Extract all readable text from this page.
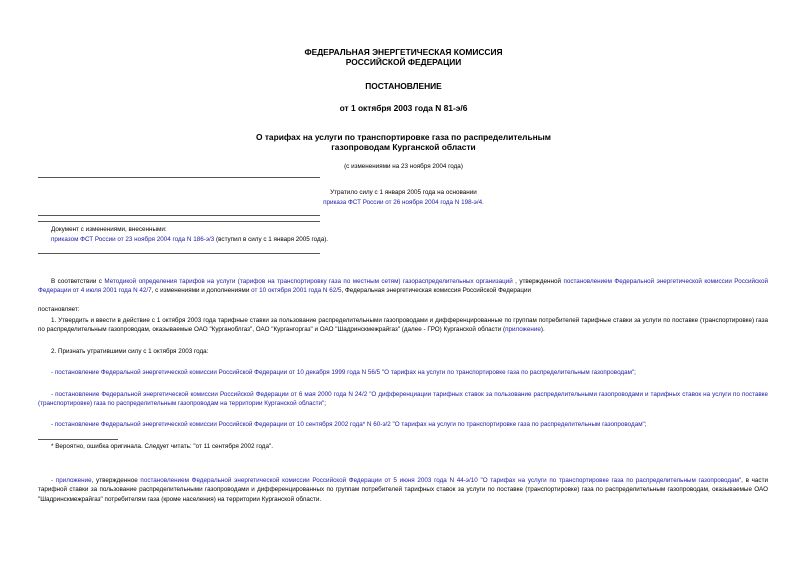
ФЕДЕРАЛЬНАЯ ЭНЕРГЕТИЧЕСКАЯ КОМИССИЯ
РОССИЙСКОЙ ФЕДЕРАЦИИ
ПОСТАНОВЛЕНИЕ
от 1 октября 2003 года N 81-э/6
О тарифах на услуги по транспортировке газа по распределительным
газопроводам Курганской области
(с изменениями на 23 ноября 2004 года)
Утратило силу с 1 января 2005 года на основании
приказа ФСТ России от 26 ноября 2004 года N 198-э/4.
Документ с изменениями, внесенными:
приказом ФСТ России от 23 ноября 2004 года N 186-э/3 (вступил в силу с 1 января 2005 года).
В соответствии с Методикой определения тарифов на услуги (тарифов на транспортировку газа по местным сетям) газораспределительных организаций , утвержденной постановлением Федеральной энергетической комиссии Российской Федерации от 4 июля 2001 года N 42/7, с изменениями и дополнениями от 10 октября 2001 года N 62/5, Федеральная энергетическая комиссия Российской Федерации
постановляет:
1. Утвердить и ввести в действие с 1 октября 2003 года тарифные ставки за пользование распределительными газопроводами и дифференцированные по группам потребителей тарифные ставки за услуги по поставке (транспортировке) газа по распределительным газопроводам, оказываемые ОАО "Курганоблгаз", ОАО "Кургангоргаз" и ОАО "Шадринскмежрайгаз" (далее - ГРО) Курганской области (приложение).
2. Признать утратившими силу с 1 октября 2003 года:
- постановление Федеральной энергетической комиссии Российской Федерации от 10 декабря 1999 года N 56/5 "О тарифах на услуги по транспортировке газа по распределительным газопроводам";
- постановление Федеральной энергетической комиссии Российской Федерации от 6 мая 2000 года N 24/2 "О дифференциации тарифных ставок за пользование распределительными газопроводами и тарифных ставок на услуги по поставке (транспортировке) газа по распределительным газопроводам на территории Курганской области";
- постановление Федеральной энергетической комиссии Российской Федерации от 10 сентября 2002 года* N 60-э/2 "О тарифах на услуги по транспортировке газа по распределительным газопроводам";
* Вероятно, ошибка оригинала. Следует читать: "от 11 сентября 2002 года".
- приложение, утвержденное постановлением Федеральной энергетической комиссии Российской Федерации от 5 июня 2003 года N 44-э/10 "О тарифах на услуги по транспортировке газа по распределительным газопроводам", в части тарифной ставки за пользование распределительными газопроводами и дифференцированных по группам потребителей тарифных ставок за услуги по поставке (транспортировке) газа по распределительным газопроводам, оказываемые ОАО "Шадринскмежрайгаз" потребителям газа (кроме населения) на территории Курганской области.
